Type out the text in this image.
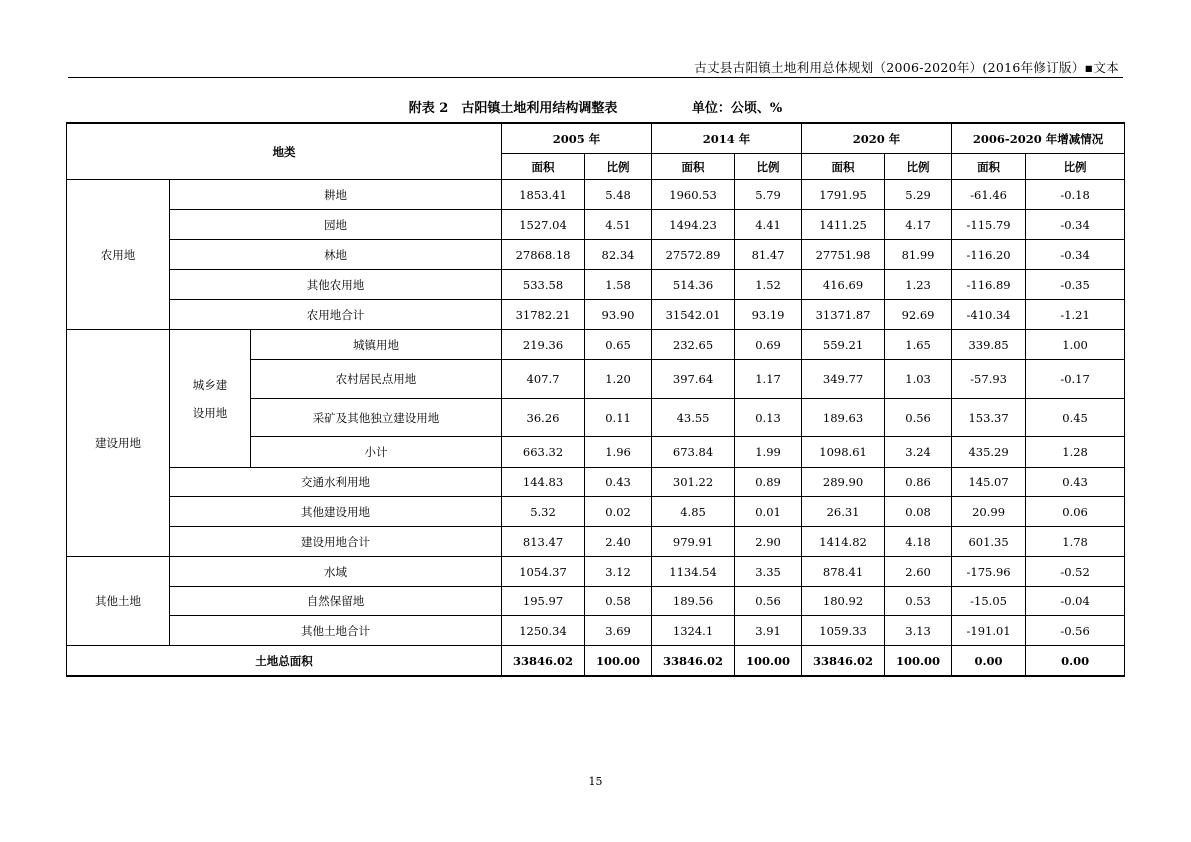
古丈县古阳镇土地利用总体规划（2006-2020年）(2016年修订版）▪文本
附表 2　古阳镇土地利用结构调整表	单位：公顷、%
地类			2005 年		2014 年		2020 年		2006-2020 年增减情况	
			面积	比例	面积	比例	面积	比例	面积	比例
农用地	耕地		1853.41	5.48	1960.53	5.79	1791.95	5.29	-61.46	-0.18
	园地		1527.04	4.51	1494.23	4.41	1411.25	4.17	-115.79	-0.34
	林地		27868.18	82.34	27572.89	81.47	27751.98	81.99	-116.20	-0.34
	其他农用地		533.58	1.58	514.36	1.52	416.69	1.23	-116.89	-0.35
	农用地合计		31782.21	93.90	31542.01	93.19	31371.87	92.69	-410.34	-1.21
建设用地	城乡建设用地	城镇用地	219.36	0.65	232.65	0.69	559.21	1.65	339.85	1.00
		农村居民点用地	407.7	1.20	397.64	1.17	349.77	1.03	-57.93	-0.17
		采矿及其他独立建设用地	36.26	0.11	43.55	0.13	189.63	0.56	153.37	0.45
		小计	663.32	1.96	673.84	1.99	1098.61	3.24	435.29	1.28
	交通水利用地		144.83	0.43	301.22	0.89	289.90	0.86	145.07	0.43
	其他建设用地		5.32	0.02	4.85	0.01	26.31	0.08	20.99	0.06
	建设用地合计		813.47	2.40	979.91	2.90	1414.82	4.18	601.35	1.78
其他土地	水域		1054.37	3.12	1134.54	3.35	878.41	2.60	-175.96	-0.52
	自然保留地		195.97	0.58	189.56	0.56	180.92	0.53	-15.05	-0.04
	其他土地合计		1250.34	3.69	1324.1	3.91	1059.33	3.13	-191.01	-0.56
土地总面积			33846.02	100.00	33846.02	100.00	33846.02	100.00	0.00	0.00
15
